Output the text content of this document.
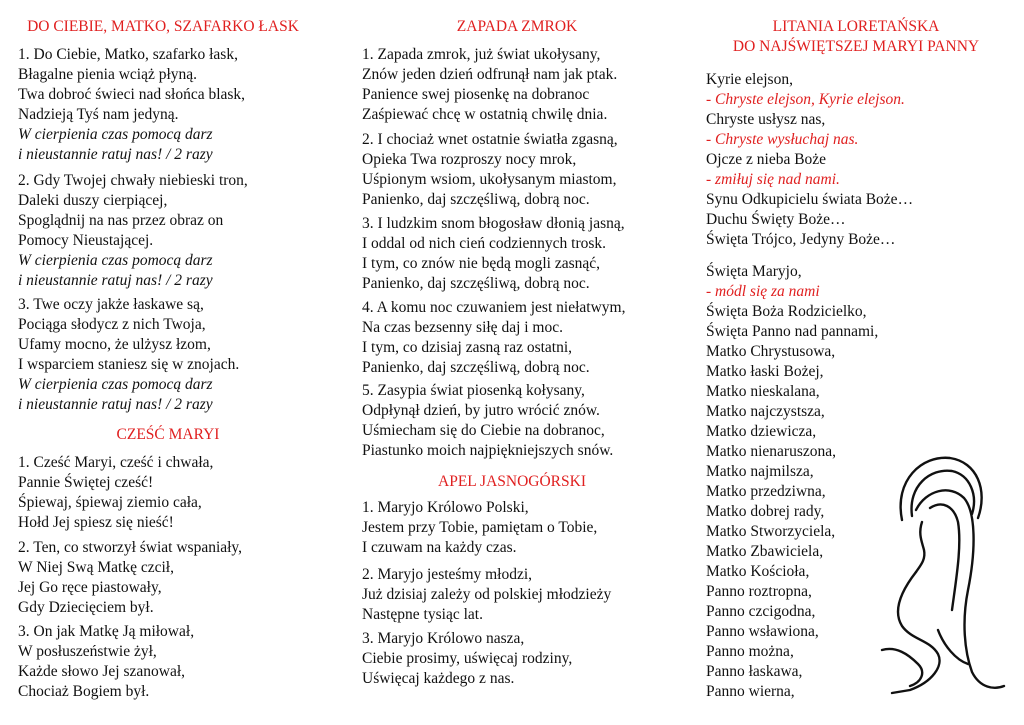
DO CIEBIE, MATKO, SZAFARKO ŁASK

1. Do Ciebie, Matko, szafarko łask,
Błagalne pienia wciąż płyną.
Twa dobroć świeci nad słońca blask,
Nadzieją Tyś nam jedyną.
W cierpienia czas pomocą darz
i nieustannie ratuj nas! / 2 razy
2. Gdy Twojej chwały niebieski tron,
Daleki duszy cierpiącej,
Spoglądnij na nas przez obraz on
Pomocy Nieustającej.
W cierpienia czas pomocą darz
i nieustannie ratuj nas! / 2 razy
3. Twe oczy jakże łaskawe są,
Pociąga słodycz z nich Twoja,
Ufamy mocno, że ulżysz łzom,
I wsparciem staniesz się w znojach.
W cierpienia czas pomocą darz
i nieustannie ratuj nas! / 2 razy

CZEŚĆ MARYI

1. Cześć Maryi, cześć i chwała,
Pannie Świętej cześć!
Śpiewaj, śpiewaj ziemio cała,
Hołd Jej spiesz się nieść!
2. Ten, co stworzył świat wspaniały,
W Niej Swą Matkę czcił,
Jej Go ręce piastowały,
Gdy Dziecięciem był.
3. On jak Matkę Ją miłował,
W posłuszeństwie żył,
Każde słowo Jej szanował,
Chociaż Bogiem był.

ZAPADA ZMROK

1. Zapada zmrok, już świat ukołysany,
Znów jeden dzień odfrunął nam jak ptak.
Panience swej piosenkę na dobranoc
Zaśpiewać chcę w ostatnią chwilę dnia.
2. I chociaż wnet ostatnie światła zgasną,
Opieka Twa rozproszy nocy mrok,
Uśpionym wsiom, ukołysanym miastom,
Panienko, daj szczęśliwą, dobrą noc.
3. I ludzkim snom błogosław dłonią jasną,
I oddal od nich cień codziennych trosk.
I tym, co znów nie będą mogli zasnąć,
Panienko, daj szczęśliwą, dobrą noc.
4. A komu noc czuwaniem jest niełatwym,
Na czas bezsenny siłę daj i moc.
I tym, co dzisiaj zasną raz ostatni,
Panienko, daj szczęśliwą, dobrą noc.
5. Zasypia świat piosenką kołysany,
Odpłynął dzień, by jutro wrócić znów.
Uśmiecham się do Ciebie na dobranoc,
Piastunko moich najpiękniejszych snów.

APEL JASNOGÓRSKI

1. Maryjo Królowo Polski,
Jestem przy Tobie, pamiętam o Tobie,
I czuwam na każdy czas.
2. Maryjo jesteśmy młodzi,
Już dzisiaj zależy od polskiej młodzieży
Następne tysiąc lat.
3. Maryjo Królowo nasza,
Ciebie prosimy, uświęcaj rodziny,
Uświęcaj każdego z nas.

LITANIA LORETAŃSKA

DO NAJŚWIĘTSZEJ MARYI PANNY

Kyrie elejson,
- Chryste elejson, Kyrie elejson.
Chryste usłysz nas,
- Chryste wysłuchaj nas.
Ojcze z nieba Boże
- zmiłuj się nad nami.
Synu Odkupicielu świata Boże…
Duchu Święty Boże…
Święta Trójco, Jedyny Boże…
Święta Maryjo,
- módl się za nami
Święta Boża Rodzicielko,
Święta Panno nad pannami,
Matko Chrystusowa,
Matko łaski Bożej,
Matko nieskalana,
Matko najczystsza,
Matko dziewicza,
Matko nienaruszona,
Matko najmilsza,
Matko przedziwna,
Matko dobrej rady,
Matko Stworzyciela,
Matko Zbawiciela,
Matko Kościoła,
Panno roztropna,
Panno czcigodna,
Panno wsławiona,
Panno można,
Panno łaskawa,
Panno wierna,
